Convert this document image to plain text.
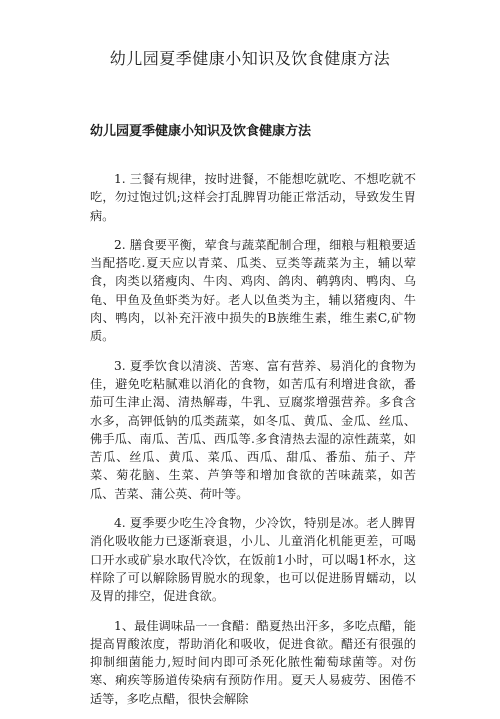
幼儿园夏季健康小知识及饮食健康方法
幼儿园夏季健康小知识及饮食健康方法

1. 三餐有规律，按时进餐，不能想吃就吃、不想吃就不吃，勿过饱过饥;这样会打乱脾胃功能正常活动，导致发生胃病。

2. 膳食要平衡，荤食与蔬菜配制合理，细粮与粗粮要适当配搭吃.夏天应以青菜、瓜类、豆类等蔬菜为主，辅以荤食，肉类以猪瘦肉、牛肉、鸡肉、鸽肉、鹌鹑肉、鸭肉、乌龟、甲鱼及鱼虾类为好。老人以鱼类为主，辅以猪瘦肉、牛肉、鸭肉，以补充汗液中损失的B族维生素，维生素C,矿物质。

3. 夏季饮食以清淡、苦寒、富有营养、易消化的食物为佳，避免吃粘腻难以消化的食物，如苦瓜有利增进食欲，番茄可生津止渴、清热解毒，牛乳、豆腐浆增强营养。多食含水多，高钾低钠的瓜类蔬菜，如冬瓜、黄瓜、金瓜、丝瓜、佛手瓜、南瓜、苦瓜、西瓜等.多食清热去湿的凉性蔬菜，如苦瓜、丝瓜、黄瓜、菜瓜、西瓜、甜瓜、番茄、茄子、芹菜、菊花脑、生菜、芦笋等和增加食欲的苦味蔬菜，如苦瓜、苦菜、蒲公英、荷叶等。

4. 夏季要少吃生冷食物，少冷饮，特别是冰。老人脾胃消化吸收能力已逐渐衰退，小儿、儿童消化机能更差，可喝口开水或矿泉水取代冷饮，在饭前1小时，可以喝1杯水，这样除了可以解除肠胃脱水的现象，也可以促进肠胃蠕动，以及胃的排空，促进食欲。

1、最佳调味品一一食醋：酷夏热出汗多，多吃点醋，能提高胃酸浓度，帮助消化和吸收，促进食欲。醋还有很强的抑制细菌能力,短时间内即可杀死化脓性葡萄球菌等。对伤寒、痢疾等肠道传染病有预防作用。夏天人易疲劳、困倦不适等，多吃点醋，很快会解除
